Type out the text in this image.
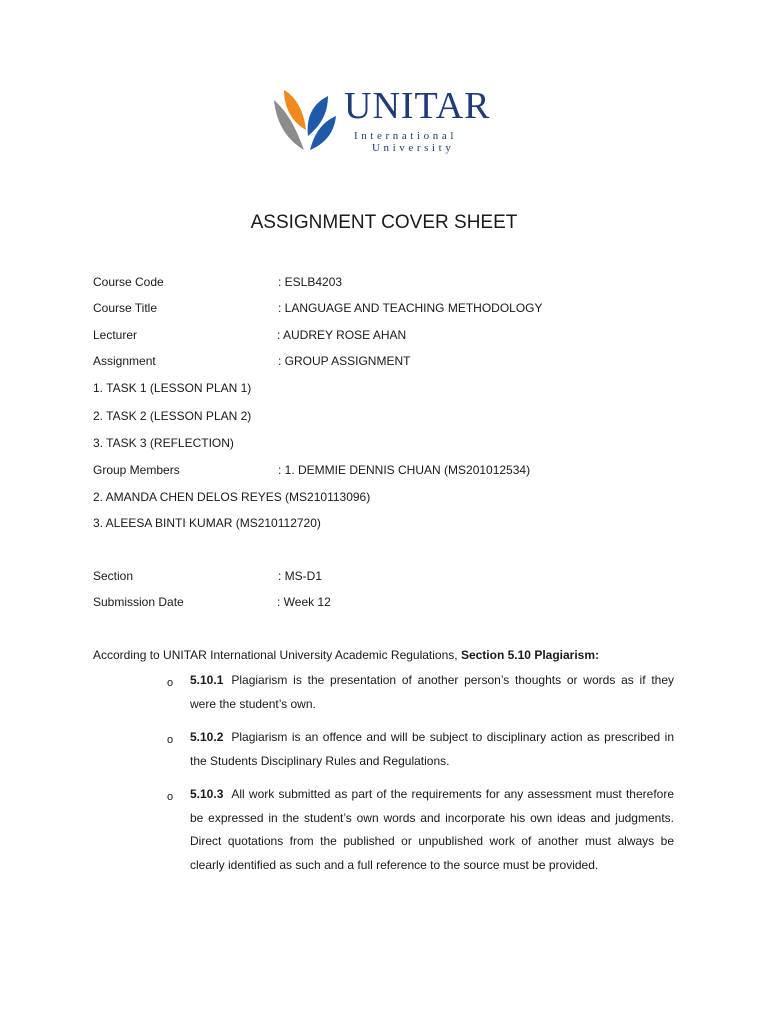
UNITAR
International
University
ASSIGNMENT COVER SHEET
Course Code	: ESLB4203
Course Title	: LANGUAGE AND TEACHING METHODOLOGY
Lecturer	: AUDREY ROSE AHAN
Assignment	: GROUP ASSIGNMENT
1. TASK 1 (LESSON PLAN 1)
2. TASK 2 (LESSON PLAN 2)
3. TASK 3 (REFLECTION)
Group Members	: 1. DEMMIE DENNIS CHUAN (MS201012534)
2. AMANDA CHEN DELOS REYES (MS210113096)
3. ALEESA BINTI KUMAR (MS210112720)
Section	: MS-D1
Submission Date	: Week 12
According to UNITAR International University Academic Regulations, Section 5.10 Plagiarism:
o 5.10.1 Plagiarism is the presentation of another person’s thoughts or words as if they were the student’s own.
o 5.10.2 Plagiarism is an offence and will be subject to disciplinary action as prescribed in the Students Disciplinary Rules and Regulations.
o 5.10.3 All work submitted as part of the requirements for any assessment must therefore be expressed in the student’s own words and incorporate his own ideas and judgments. Direct quotations from the published or unpublished work of another must always be clearly identified as such and a full reference to the source must be provided.
